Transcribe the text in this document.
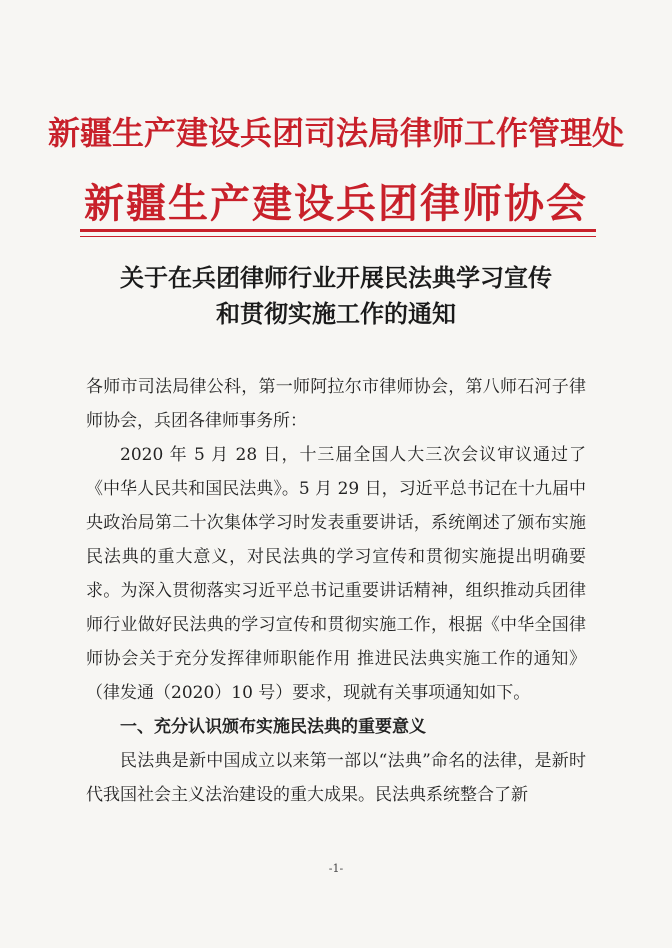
新疆生产建设兵团司法局律师工作管理处
新疆生产建设兵团律师协会
关于在兵团律师行业开展民法典学习宣传
和贯彻实施工作的通知

各师市司法局律公科，第一师阿拉尔市律师协会，第八师石河子律师协会，兵团各律师事务所：

2020 年 5 月 28 日，十三届全国人大三次会议审议通过了《中华人民共和国民法典》。5 月 29 日，习近平总书记在十九届中央政治局第二十次集体学习时发表重要讲话，系统阐述了颁布实施民法典的重大意义，对民法典的学习宣传和贯彻实施提出明确要求。为深入贯彻落实习近平总书记重要讲话精神，组织推动兵团律师行业做好民法典的学习宣传和贯彻实施工作，根据《中华全国律师协会关于充分发挥律师职能作用 推进民法典实施工作的通知》（律发通（2020）10 号）要求，现就有关事项通知如下。

一、充分认识颁布实施民法典的重要意义

民法典是新中国成立以来第一部以“法典”命名的法律，是新时代我国社会主义法治建设的重大成果。民法典系统整合了新

-1-
